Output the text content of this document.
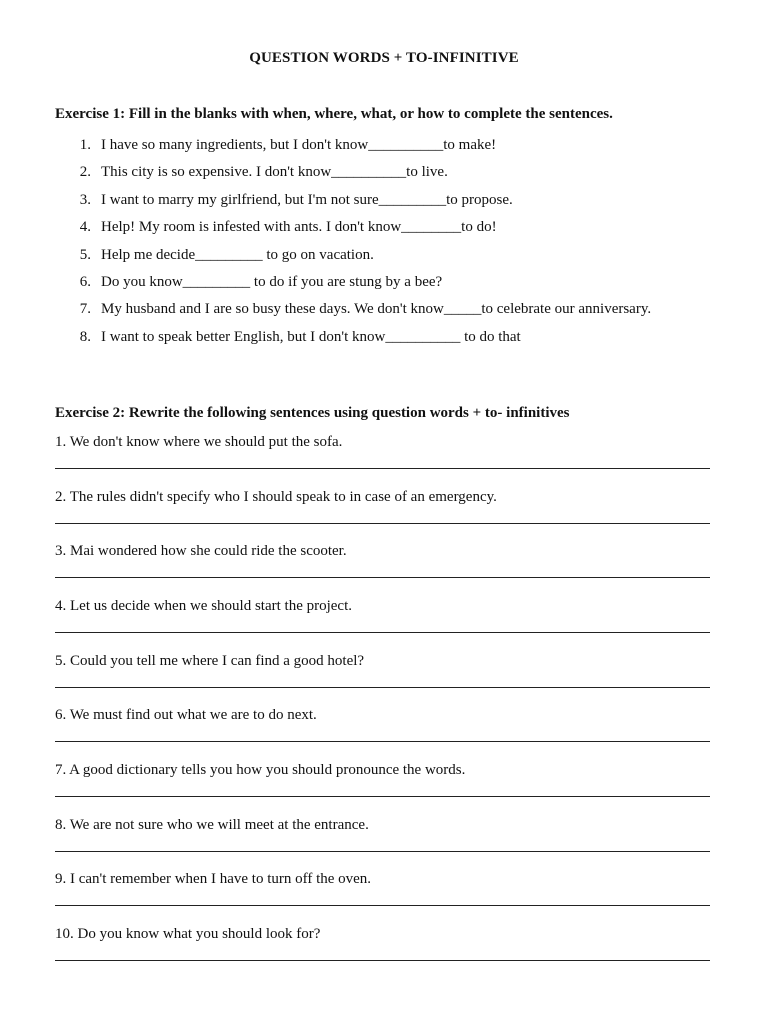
QUESTION WORDS + TO-INFINITIVE
Exercise 1: Fill in the blanks with when, where, what, or how to complete the sentences.
1. I have so many ingredients, but I don't know__________to make!
2. This city is so expensive. I don't know__________to live.
3. I want to marry my girlfriend, but I'm not sure_________to propose.
4. Help! My room is infested with ants. I don't know________to do!
5. Help me decide_________ to go on vacation.
6. Do you know_________ to do if you are stung by a bee?
7. My husband and I are so busy these days. We don't know_____to celebrate our anniversary.
8. I want to speak better English, but I don't know__________ to do that
Exercise 2: Rewrite the following sentences using question words + to- infinitives
1. We don't know where we should put the sofa.
2. The rules didn't specify who I should speak to in case of an emergency.
3. Mai wondered how she could ride the scooter.
4. Let us decide when we should start the project.
5. Could you tell me where I can find a good hotel?
6. We must find out what we are to do next.
7. A good dictionary tells you how you should pronounce the words.
8. We are not sure who we will meet at the entrance.
9. I can't remember when I have to turn off the oven.
10. Do you know what you should look for?
